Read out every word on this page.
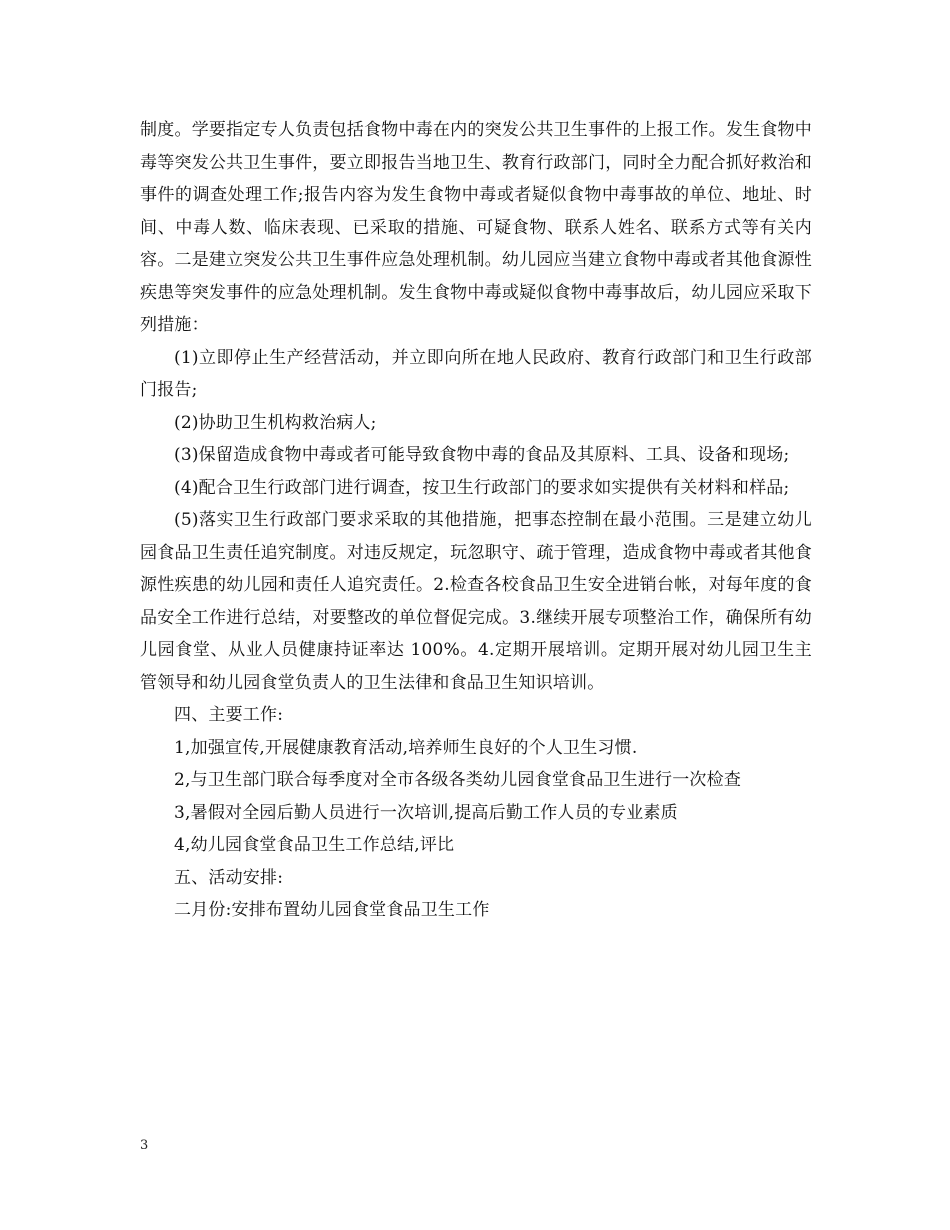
制度。学要指定专人负责包括食物中毒在内的突发公共卫生事件的上报工作。发生食物中毒等突发公共卫生事件，要立即报告当地卫生、教育行政部门，同时全力配合抓好救治和事件的调查处理工作;报告内容为发生食物中毒或者疑似食物中毒事故的单位、地址、时间、中毒人数、临床表现、已采取的措施、可疑食物、联系人姓名、联系方式等有关内容。二是建立突发公共卫生事件应急处理机制。幼儿园应当建立食物中毒或者其他食源性疾患等突发事件的应急处理机制。发生食物中毒或疑似食物中毒事故后，幼儿园应采取下列措施：

(1)立即停止生产经营活动，并立即向所在地人民政府、教育行政部门和卫生行政部门报告;

(2)协助卫生机构救治病人;

(3)保留造成食物中毒或者可能导致食物中毒的食品及其原料、工具、设备和现场;

(4)配合卫生行政部门进行调查，按卫生行政部门的要求如实提供有关材料和样品;

(5)落实卫生行政部门要求采取的其他措施，把事态控制在最小范围。三是建立幼儿园食品卫生责任追究制度。对违反规定，玩忽职守、疏于管理，造成食物中毒或者其他食源性疾患的幼儿园和责任人追究责任。2.检查各校食品卫生安全进销台帐，对每年度的食品安全工作进行总结，对要整改的单位督促完成。3.继续开展专项整治工作，确保所有幼儿园食堂、从业人员健康持证率达 100%。4.定期开展培训。定期开展对幼儿园卫生主管领导和幼儿园食堂负责人的卫生法律和食品卫生知识培训。

四、主要工作:

1,加强宣传,开展健康教育活动,培养师生良好的个人卫生习惯.

2,与卫生部门联合每季度对全市各级各类幼儿园食堂食品卫生进行一次检查

3,暑假对全园后勤人员进行一次培训,提高后勤工作人员的专业素质

4,幼儿园食堂食品卫生工作总结,评比

五、活动安排:

二月份:安排布置幼儿园食堂食品卫生工作

3
